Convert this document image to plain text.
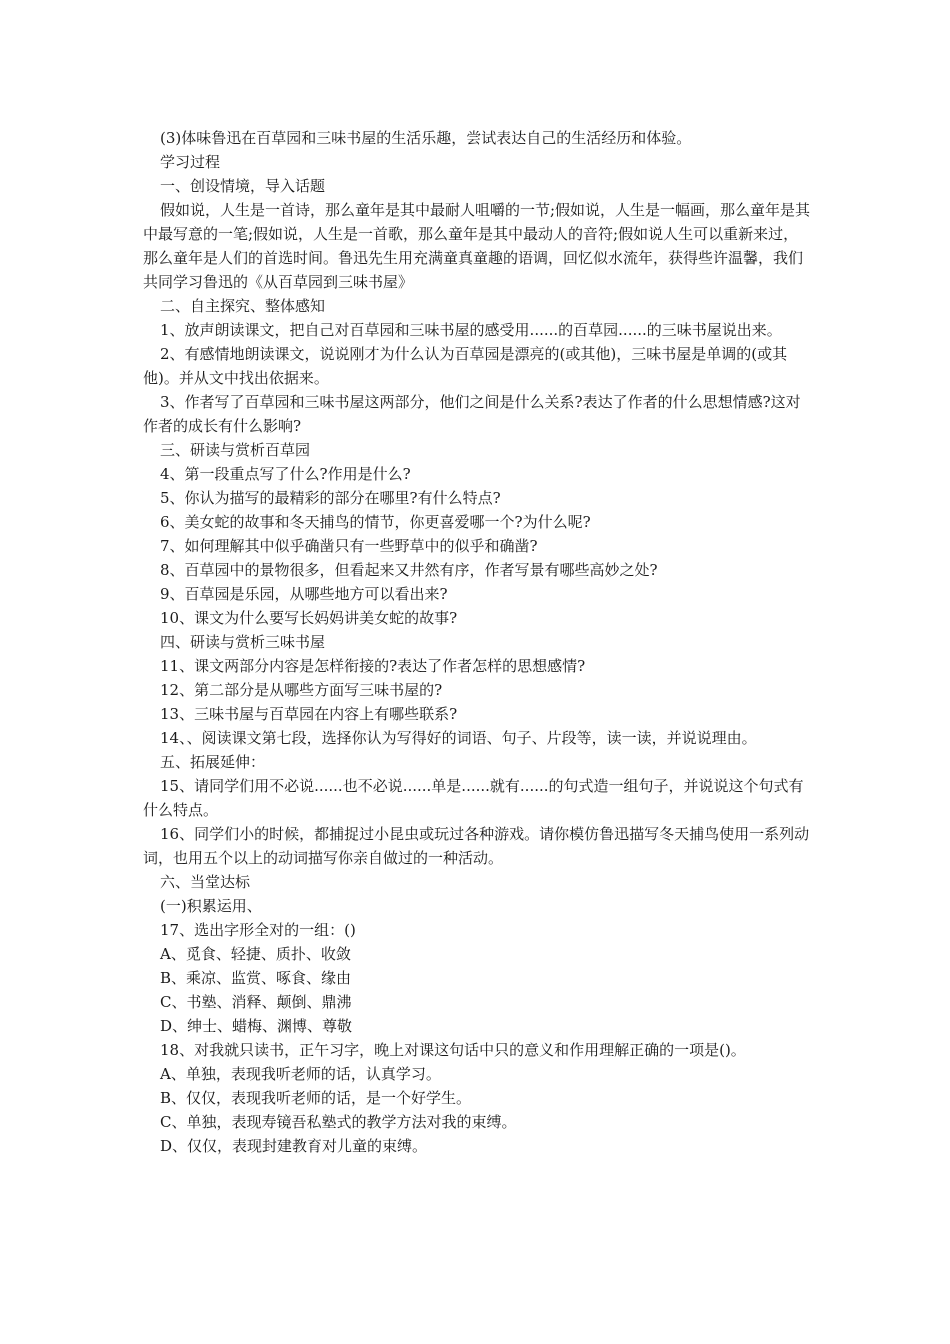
(3)体味鲁迅在百草园和三味书屋的生活乐趣，尝试表达自己的生活经历和体验。
学习过程
一、创设情境，导入话题
假如说，人生是一首诗，那么童年是其中最耐人咀嚼的一节;假如说，人生是一幅画，那么童年是其中最写意的一笔;假如说，人生是一首歌，那么童年是其中最动人的音符;假如说人生可以重新来过，那么童年是人们的首选时间。鲁迅先生用充满童真童趣的语调，回忆似水流年，获得些许温馨，我们共同学习鲁迅的《从百草园到三味书屋》
二、自主探究、整体感知
1、放声朗读课文，把自己对百草园和三味书屋的感受用......的百草园......的三味书屋说出来。
2、有感情地朗读课文，说说刚才为什么认为百草园是漂亮的(或其他)，三味书屋是单调的(或其他)。并从文中找出依据来。
3、作者写了百草园和三味书屋这两部分，他们之间是什么关系?表达了作者的什么思想情感?这对作者的成长有什么影响?
三、研读与赏析百草园
4、第一段重点写了什么?作用是什么?
5、你认为描写的最精彩的部分在哪里?有什么特点?
6、美女蛇的故事和冬天捕鸟的情节，你更喜爱哪一个?为什么呢?
7、如何理解其中似乎确凿只有一些野草中的似乎和确凿?
8、百草园中的景物很多，但看起来又井然有序，作者写景有哪些高妙之处?
9、百草园是乐园，从哪些地方可以看出来?
10、课文为什么要写长妈妈讲美女蛇的故事?
四、研读与赏析三味书屋
11、课文两部分内容是怎样衔接的?表达了作者怎样的思想感情?
12、第二部分是从哪些方面写三味书屋的?
13、三味书屋与百草园在内容上有哪些联系?
14、、阅读课文第七段，选择你认为写得好的词语、句子、片段等，读一读，并说说理由。
五、拓展延伸：
15、请同学们用不必说......也不必说......单是......就有......的句式造一组句子，并说说这个句式有什么特点。
16、同学们小的时候，都捕捉过小昆虫或玩过各种游戏。请你模仿鲁迅描写冬天捕鸟使用一系列动词，也用五个以上的动词描写你亲自做过的一种活动。
六、当堂达标
(一)积累运用、
17、选出字形全对的一组：()
A、觅食、轻捷、质扑、收敛
B、乘凉、监赏、啄食、缘由
C、书塾、消释、颠倒、鼎沸
D、绅士、蜡梅、渊博、尊敬
18、对我就只读书，正午习字，晚上对课这句话中只的意义和作用理解正确的一项是()。
A、单独，表现我听老师的话，认真学习。
B、仅仅，表现我听老师的话，是一个好学生。
C、单独，表现寿镜吾私塾式的教学方法对我的束缚。
D、仅仅，表现封建教育对儿童的束缚。
